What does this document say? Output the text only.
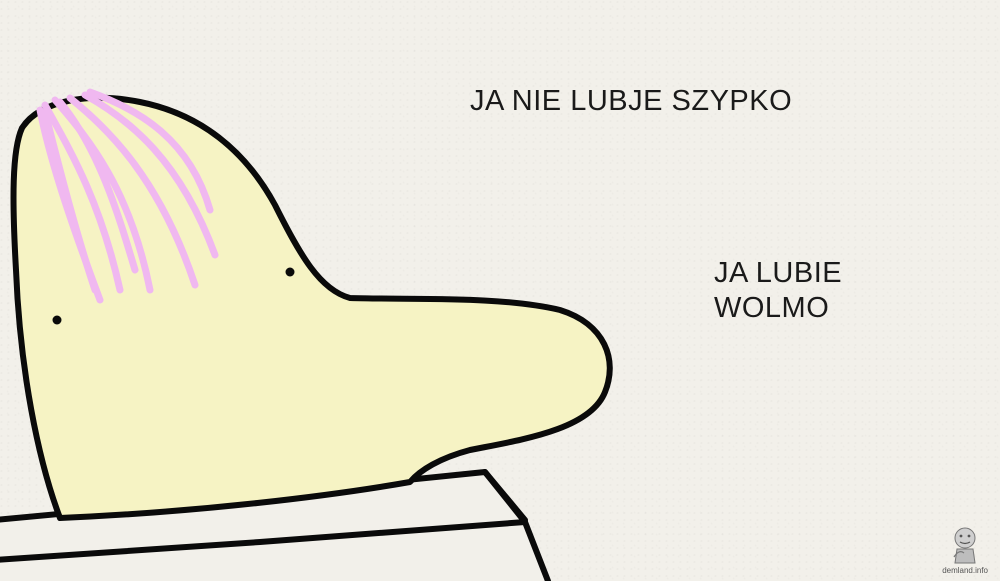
JA NIE LUBJE SZYPKO
JA LUBIE
WOLMO
demland.info
